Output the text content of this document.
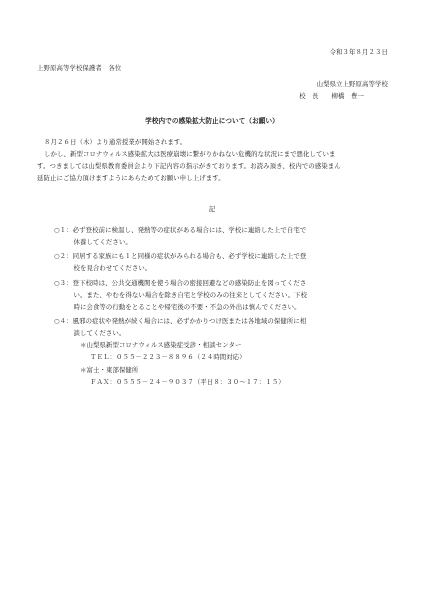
令和３年８月２３日
上野原高等学校保護者　各位
山梨県立上野原高等学校
校　長　　柳橋　豊一
学校内での感染拡大防止について（お願い）
８月２６日（木）より通常授業が開始されます。
しかし、新型コロナウィルス感染拡大は医療崩壊に繋がりかねない危機的な状況にまで悪化していま
す。つきましては山梨県教育委員会より下記内容の指示がきております。お読み頂き、校内での感染まん
延防止にご協力頂けますようにあらためてお願い申し上げます。
記
○１：必ず登校前に検温し、発熱等の症状がある場合には、学校に連絡した上で自宅で
　　　休養してください。
○２：同居する家族にも１と同様の症状がみられる場合も、必ず学校に連絡した上で登
　　　校を見合わせてください。
○３：登下校時は、公共交通機関を使う場合の密接回避などの感染防止を図ってくださ
　　　い。また、やむを得ない場合を除き自宅と学校のみの往来としてください。下校
　　　時に会食等の行動をとることや帰宅後の不要・不急の外出は慎んでください。
○４：風邪の症状や発熱が続く場合には、必ずかかりつけ医または各地域の保健所に相
　　　談してください。
＊山梨県新型コロナウィルス感染症受診・相談センター
ＴＥＬ：０５５－２２３－８８９６（２４時間対応）
＊富士・東部保健所
ＦＡＸ：０５５５－２４－９０３７（平日８：３０～１７：１５）
